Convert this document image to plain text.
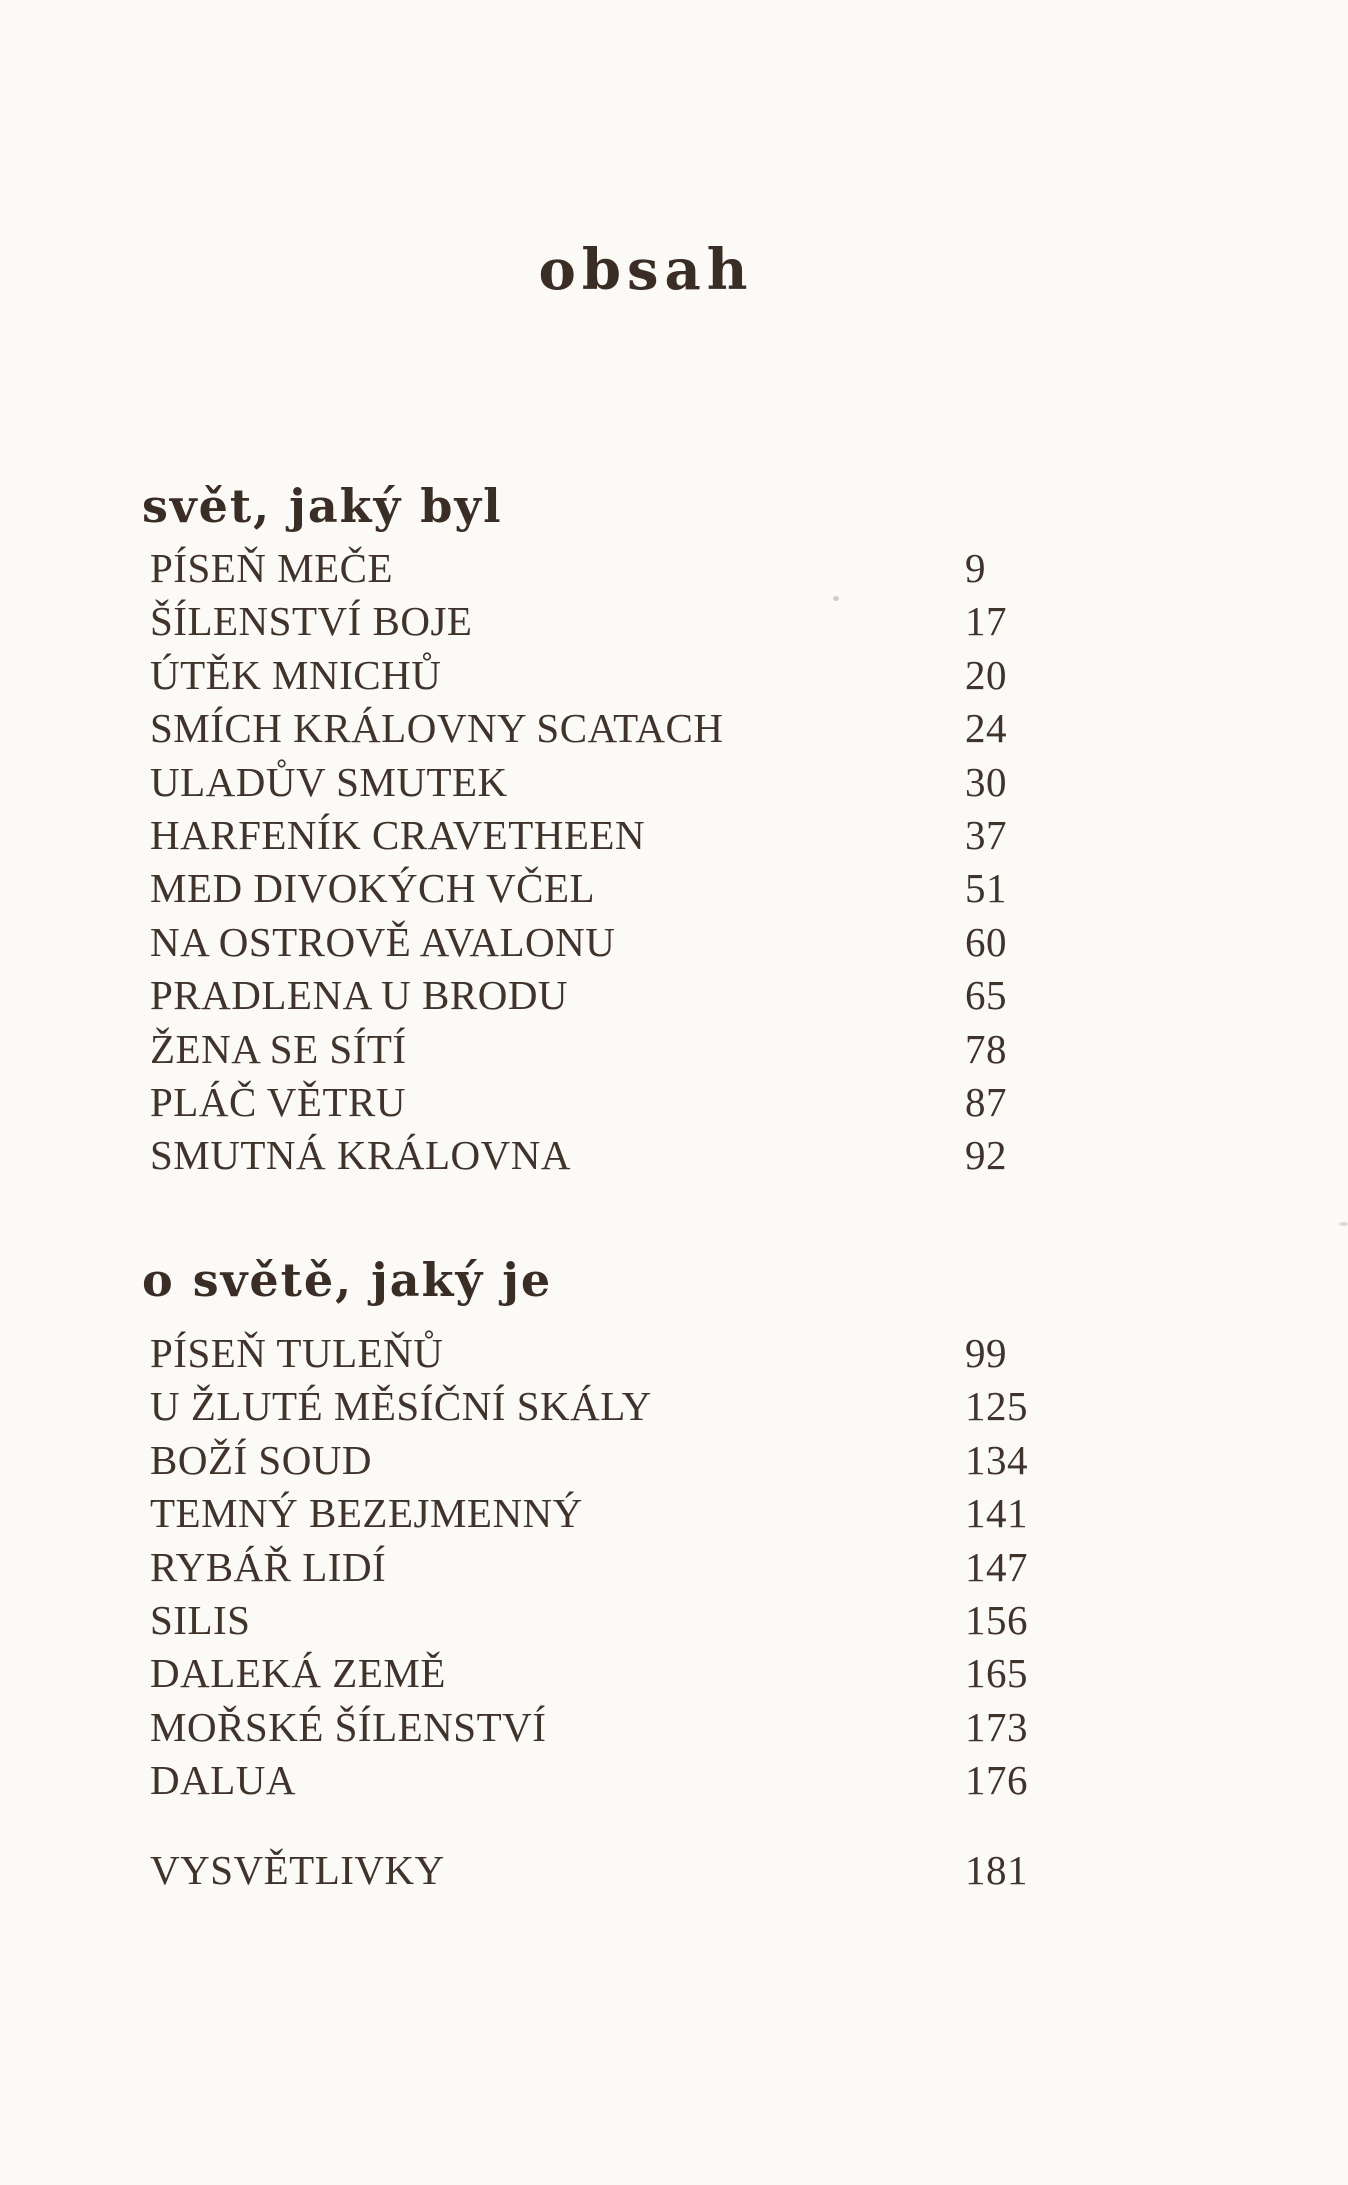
obsah
svět, jaký byl
PÍSEŇ MEČE	9
ŠÍLENSTVÍ BOJE	17
ÚTĚK MNICHŮ	20
SMÍCH KRÁLOVNY SCATACH	24
ULADŮV SMUTEK	30
HARFENÍK CRAVETHEEN	37
MED DIVOKÝCH VČEL	51
NA OSTROVĚ AVALONU	60
PRADLENA U BRODU	65
ŽENA SE SÍTÍ	78
PLÁČ VĚTRU	87
SMUTNÁ KRÁLOVNA	92
o světě, jaký je
PÍSEŇ TULEŇŮ	99
U ŽLUTÉ MĚSÍČNÍ SKÁLY	125
BOŽÍ SOUD	134
TEMNÝ BEZEJMENNÝ	141
RYBÁŘ LIDÍ	147
SILIS	156
DALEKÁ ZEMĚ	165
MOŘSKÉ ŠÍLENSTVÍ	173
DALUA	176
VYSVĚTLIVKY	181
